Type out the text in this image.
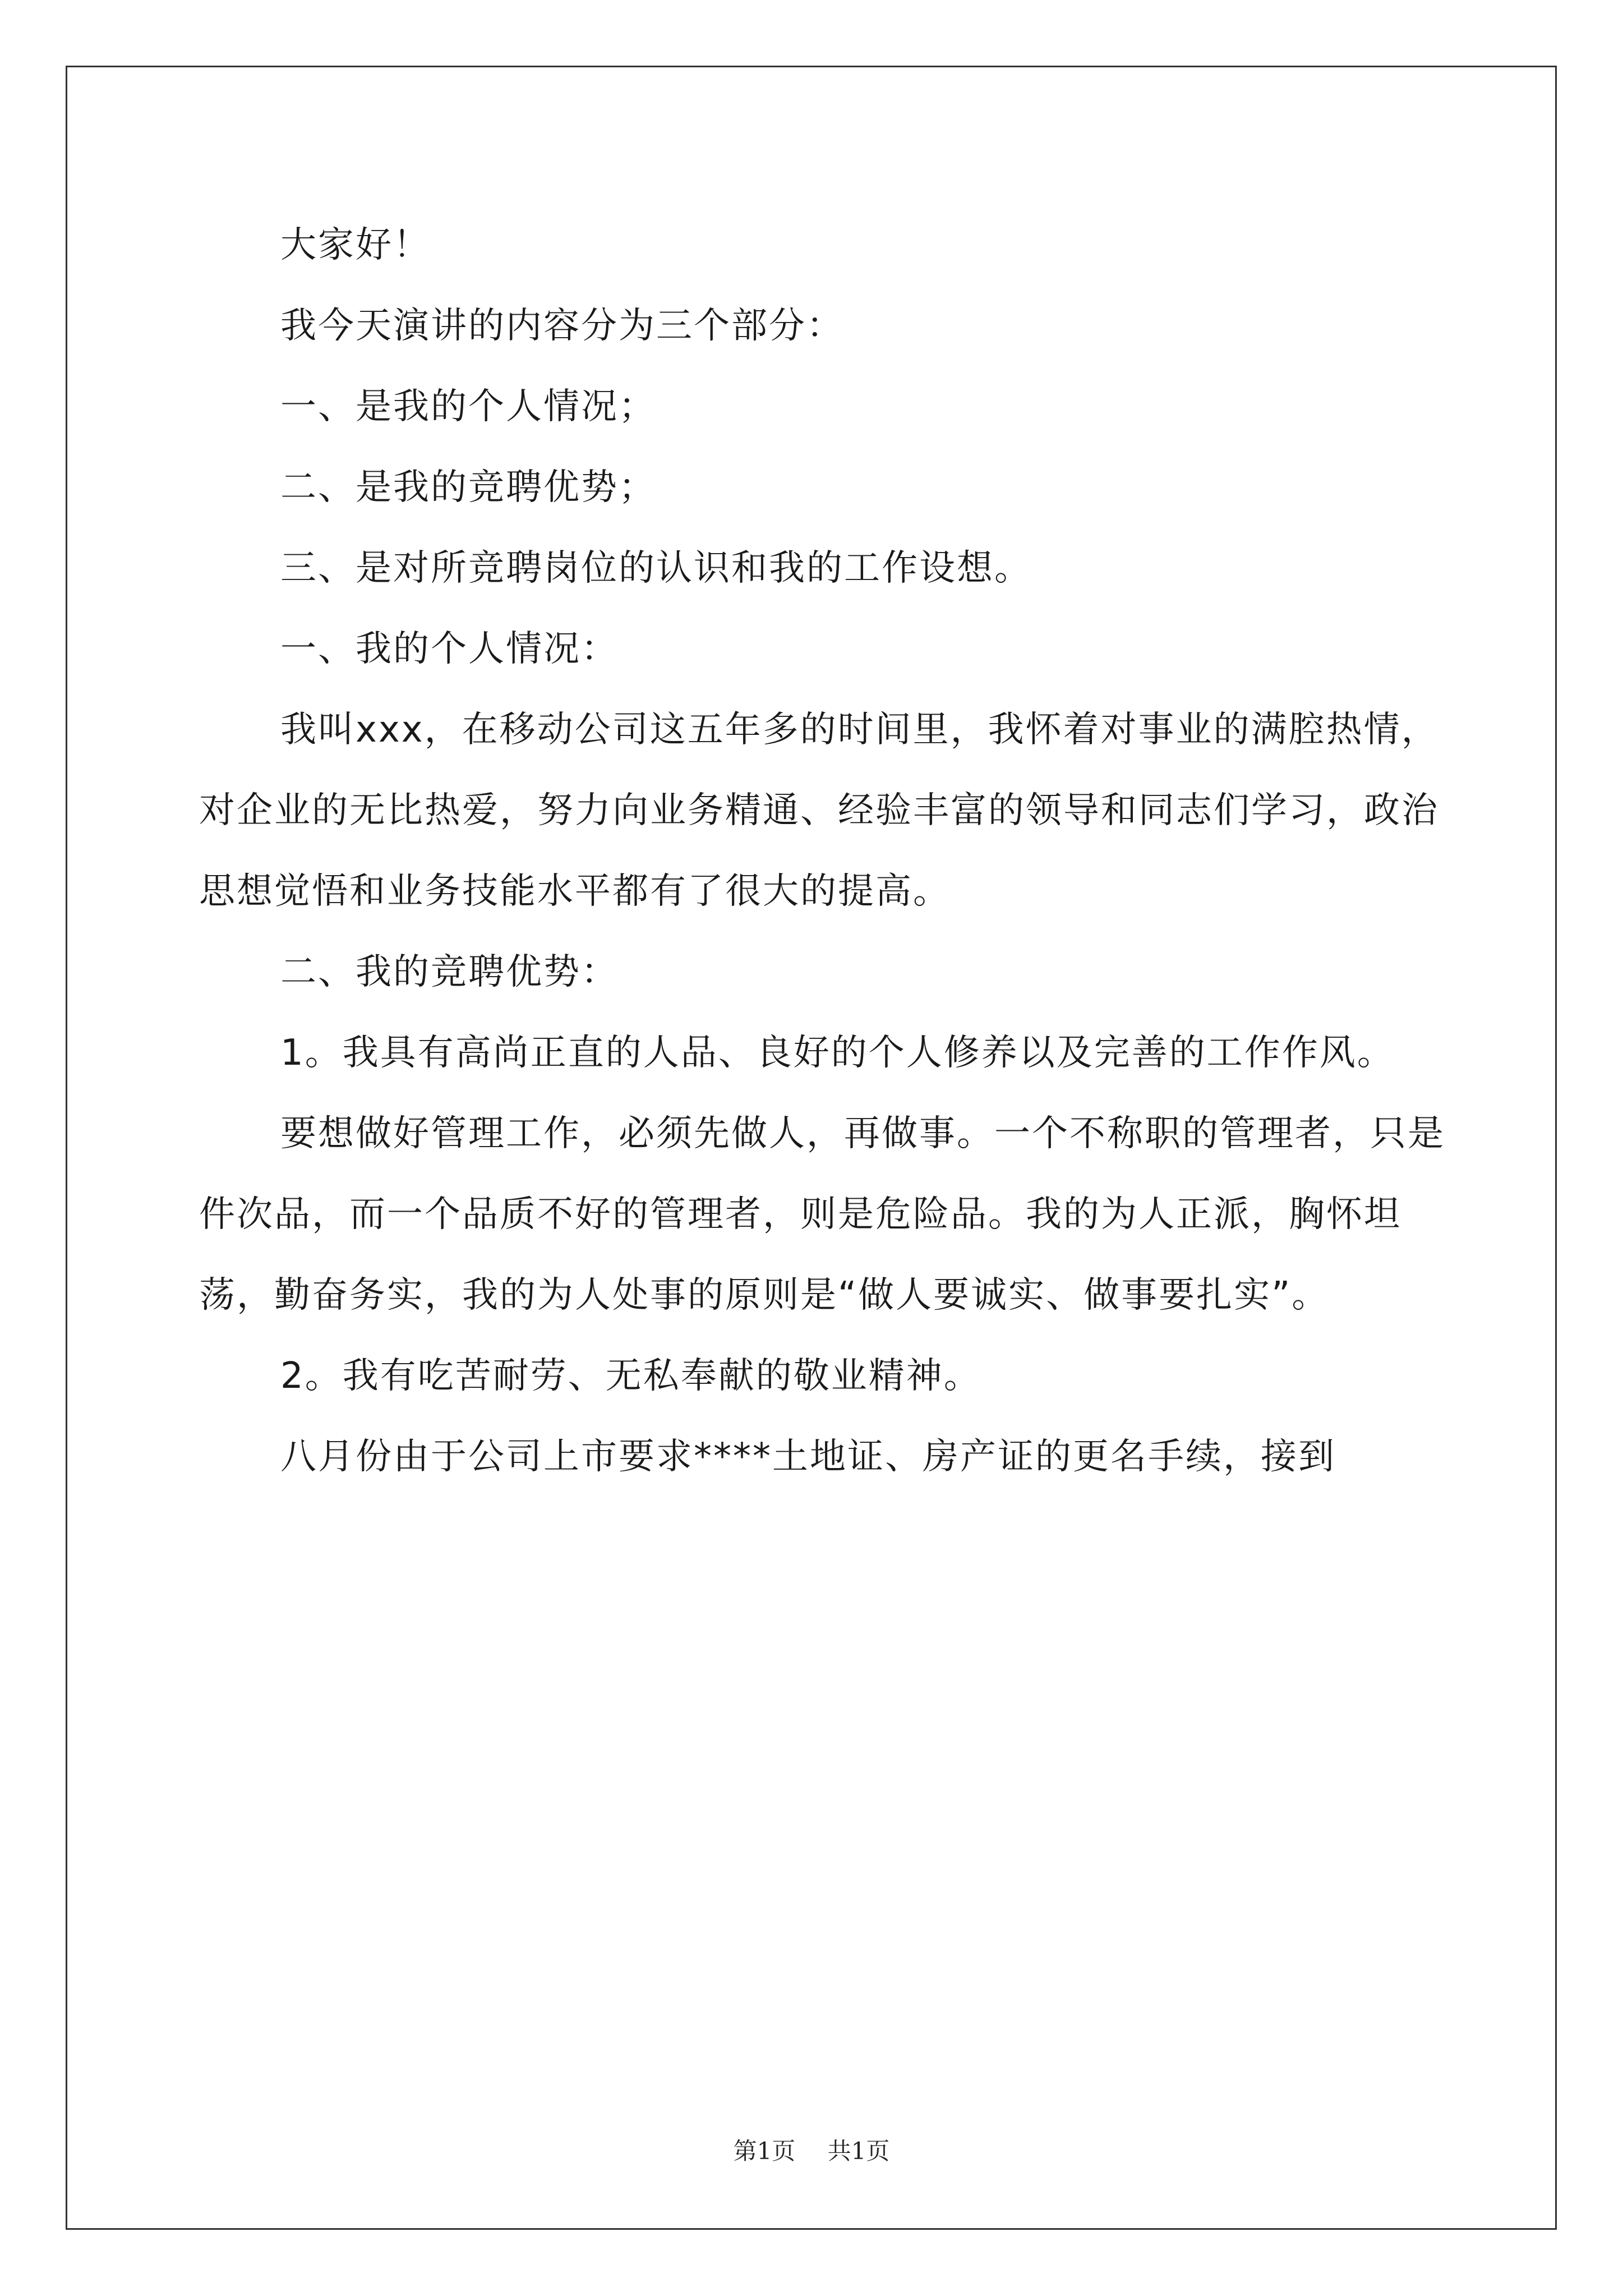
大家好！

我今天演讲的内容分为三个部分：

一、是我的个人情况；

二、是我的竞聘优势；

三、是对所竞聘岗位的认识和我的工作设想。

一、我的个人情况：

我叫xxx，在移动公司这五年多的时间里，我怀着对事业的满腔热情，对企业的无比热爱，努力向业务精通、经验丰富的领导和同志们学习，政治思想觉悟和业务技能水平都有了很大的提高。

二、我的竞聘优势：

1。我具有高尚正直的人品、良好的个人修养以及完善的工作作风。

要想做好管理工作，必须先做人，再做事。一个不称职的管理者，只是件次品，而一个品质不好的管理者，则是危险品。我的为人正派，胸怀坦荡，勤奋务实，我的为人处事的原则是“做人要诚实、做事要扎实”。

2。我有吃苦耐劳、无私奉献的敬业精神。

八月份由于公司上市要求****土地证、房产证的更名手续，接到

第1页 共1页
